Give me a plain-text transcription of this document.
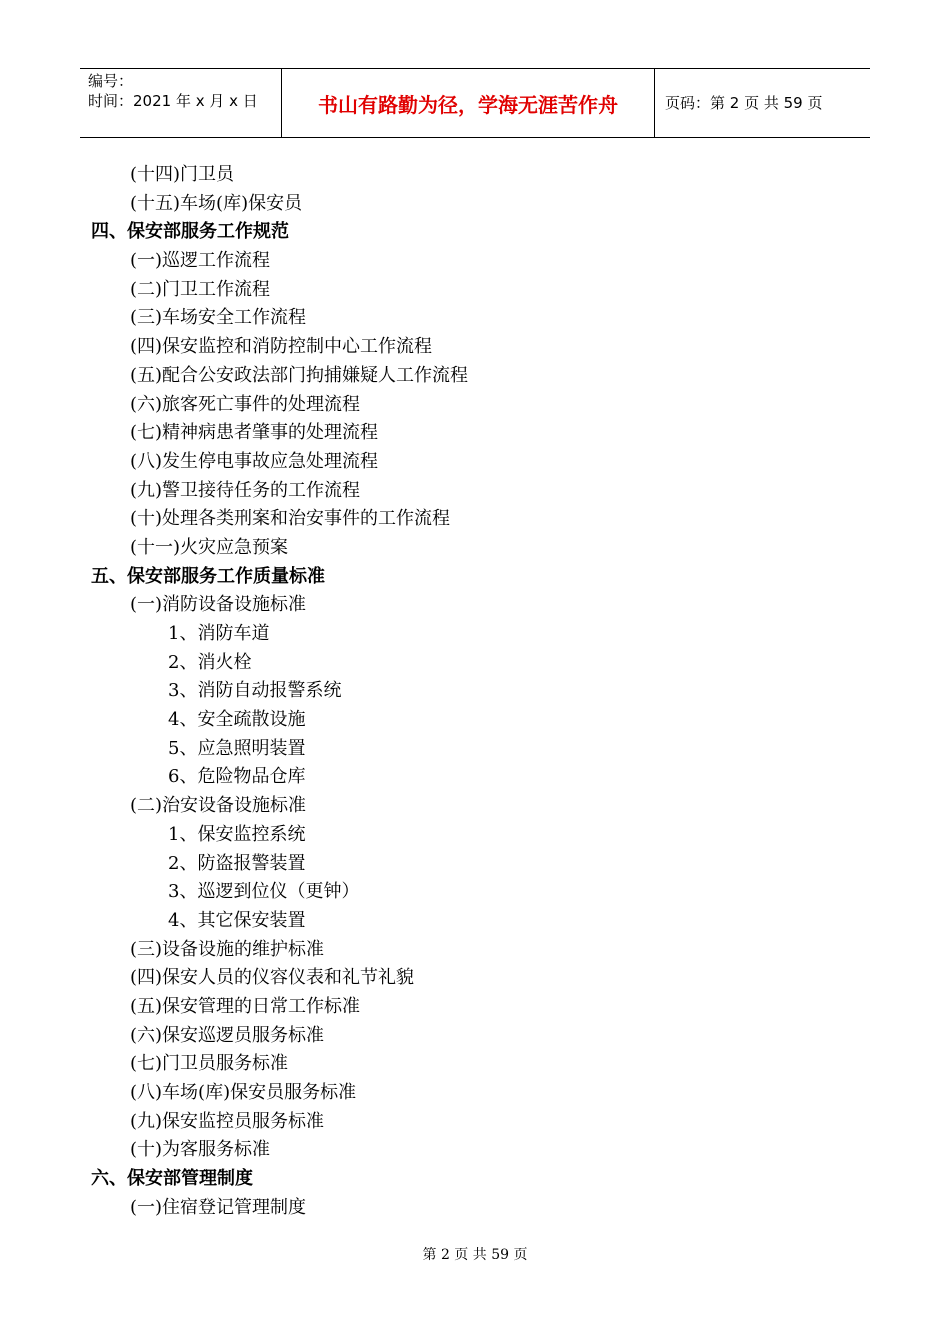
编号：
时间：2021 年 x 月 x 日	书山有路勤为径，学海无涯苦作舟	页码：第 2 页 共 59 页
(十四)门卫员
(十五)车场(库)保安员
四、保安部服务工作规范
(一)巡逻工作流程
(二)门卫工作流程
(三)车场安全工作流程
(四)保安监控和消防控制中心工作流程
(五)配合公安政法部门拘捕嫌疑人工作流程
(六)旅客死亡事件的处理流程
(七)精神病患者肇事的处理流程
(八)发生停电事故应急处理流程
(九)警卫接待任务的工作流程
(十)处理各类刑案和治安事件的工作流程
(十一)火灾应急预案
五、保安部服务工作质量标准
(一)消防设备设施标准
1、消防车道
2、消火栓
3、消防自动报警系统
4、安全疏散设施
5、应急照明装置
6、危险物品仓库
(二)治安设备设施标准
1、保安监控系统
2、防盗报警装置
3、巡逻到位仪（更钟）
4、其它保安装置
(三)设备设施的维护标准
(四)保安人员的仪容仪表和礼节礼貌
(五)保安管理的日常工作标准
(六)保安巡逻员服务标准
(七)门卫员服务标准
(八)车场(库)保安员服务标准
(九)保安监控员服务标准
(十)为客服务标准
六、保安部管理制度
(一)住宿登记管理制度
第 2 页 共 59 页
